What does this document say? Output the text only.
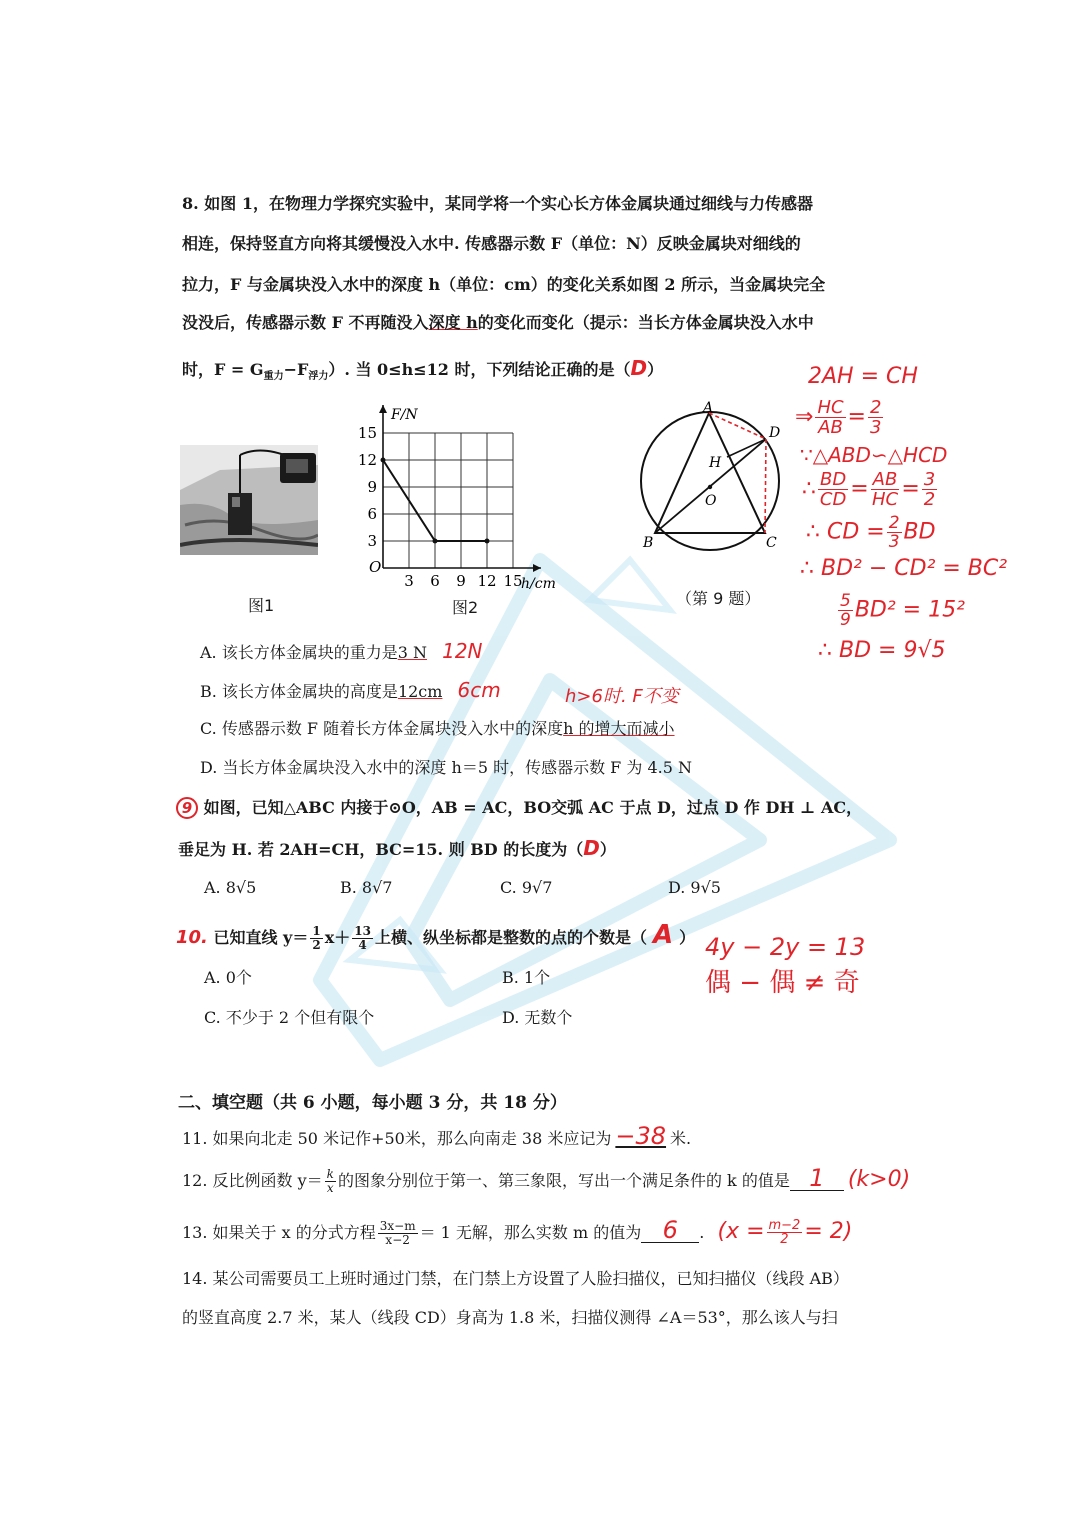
8. 如图 1，在物理力学探究实验中，某同学将一个实心长方体金属块通过细线与力传感器
相连，保持竖直方向将其缓慢没入水中. 传感器示数 F（单位：N）反映金属块对细线的
拉力，F 与金属块没入水中的深度 h（单位：cm）的变化关系如图 2 所示，当金属块完全
没没后，传感器示数 F 不再随没入深度 h的变化而变化（提示：当长方体金属块没入水中
时，$F = G_{重力}-F_{浮力}$）. 当 0≤h≤12 时，下列结论正确的是（D）
图1
3 6 9 12 15
3
6
9
12
15
O
h/cm
F/N
图2
A
D
H
O
B	C
（第 9 题）
A. 该长方体金属块的重力是3 N 12N
B. 该长方体金属块的高度是12cm 6cm	h>6时. F不变
C. 传感器示数 F 随着长方体金属块没入水中的深度h 的增大而减小
D. 当长方体金属块没入水中的深度 h＝5 时，传感器示数 F 为 4.5 N
9 如图，已知△ABC 内接于⊙O，AB = AC，BO交弧 AC 于点 D，过点 D 作 DH ⊥ AC，
垂足为 H. 若 2AH=CH，BC=15. 则 BD 的长度为（D）
A. 8√5	B. 8√7	C. 9√7	D. 9√5
10. 已知直线 $y= \frac{1}{2} x+ \frac{13}{4}$ 上横、纵坐标都是整数的点的个数是（ A ）
A. 0个	B. 1个
C. 不少于 2 个但有限个	D. 无数个
4y − 2y = 13
偶 − 偶 ≠ 奇
二、填空题（共 6 小题，每小题 3 分，共 18 分）
11. 如果向北走 50 米记作+50米，那么向南走 38 米应记为 −38 米.
12. 反比例函数 $y= \frac{k}{x}$ 的图象分别位于第一、第三象限，写出一个满足条件的 k 的值是 1 (k>0)
13. 如果关于 x 的分式方程 $\frac{3x-m}{x-2} = 1$ 无解，那么实数 m 的值为 6 . $(x = \frac{m-2}{2} = 2)$
14. 某公司需要员工上班时通过门禁，在门禁上方设置了人脸扫描仪，已知扫描仪（线段 AB）
的竖直高度 2.7 米，某人（线段 CD）身高为 1.8 米，扫描仪测得 ∠A＝53°，那么该人与扫
2AH = CH
⇒ $\frac{HC}{AB} = \frac{2}{3}$
∵△ABD∽△HCD
∴ $\frac{BD}{CD} = \frac{AB}{HC} = \frac{3}{2}$
∴ CD = $\frac{2}{3}$ BD
∴ BD² − CD² = BC²
$\frac{5}{9} BD^2 = 15^2$
∴ BD = 9√5
